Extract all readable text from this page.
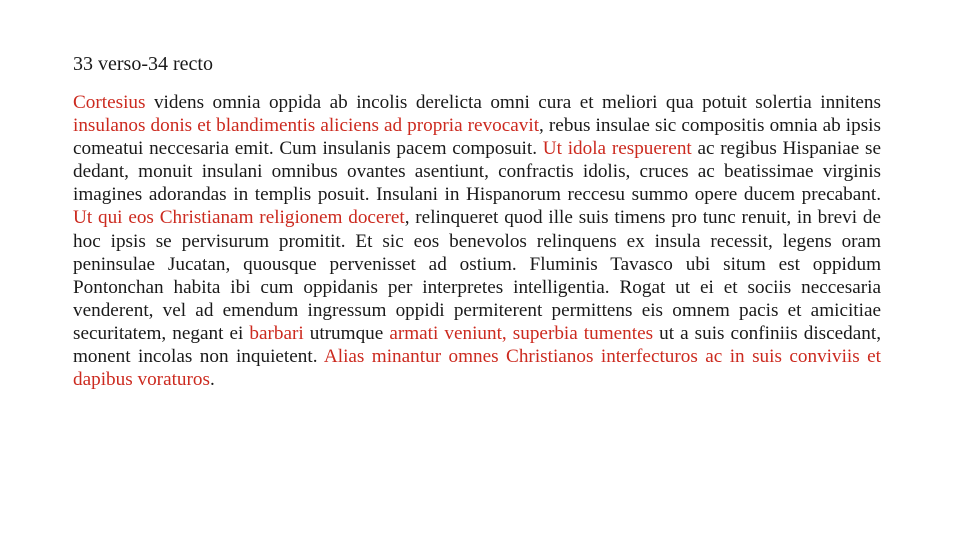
33 verso-34 recto

Cortesius videns omnia oppida ab incolis derelicta omni cura et meliori qua potuit solertia innitens insulanos donis et blandimentis aliciens ad propria revocavit, rebus insulae sic compositis omnia ab ipsis comeatui neccesaria emit. Cum insulanis pacem composuit. Ut idola respuerent ac regibus Hispaniae se dedant, monuit insulani omnibus ovantes asentiunt, confractis idolis, cruces ac beatissimae virginis imagines adorandas in templis posuit. Insulani in Hispanorum reccesu summo opere ducem precabant. Ut qui eos Christianam religionem doceret, relinqueret quod ille suis timens pro tunc renuit, in brevi de hoc ipsis se pervisurum promitit. Et sic eos benevolos relinquens ex insula recessit, legens oram peninsulae Jucatan, quousque pervenisset ad ostium. Fluminis Tavasco ubi situm est oppidum Pontonchan habita ibi cum oppidanis per interpretes intelligentia. Rogat ut ei et sociis neccesaria venderent, vel ad emendum ingressum oppidi permiterent permittens eis omnem pacis et amicitiae securitatem, negant ei barbari utrumque armati veniunt, superbia tumentes ut a suis confiniis discedant, monent incolas non inquietent. Alias minantur omnes Christianos interfecturos ac in suis conviviis et dapibus voraturos.
